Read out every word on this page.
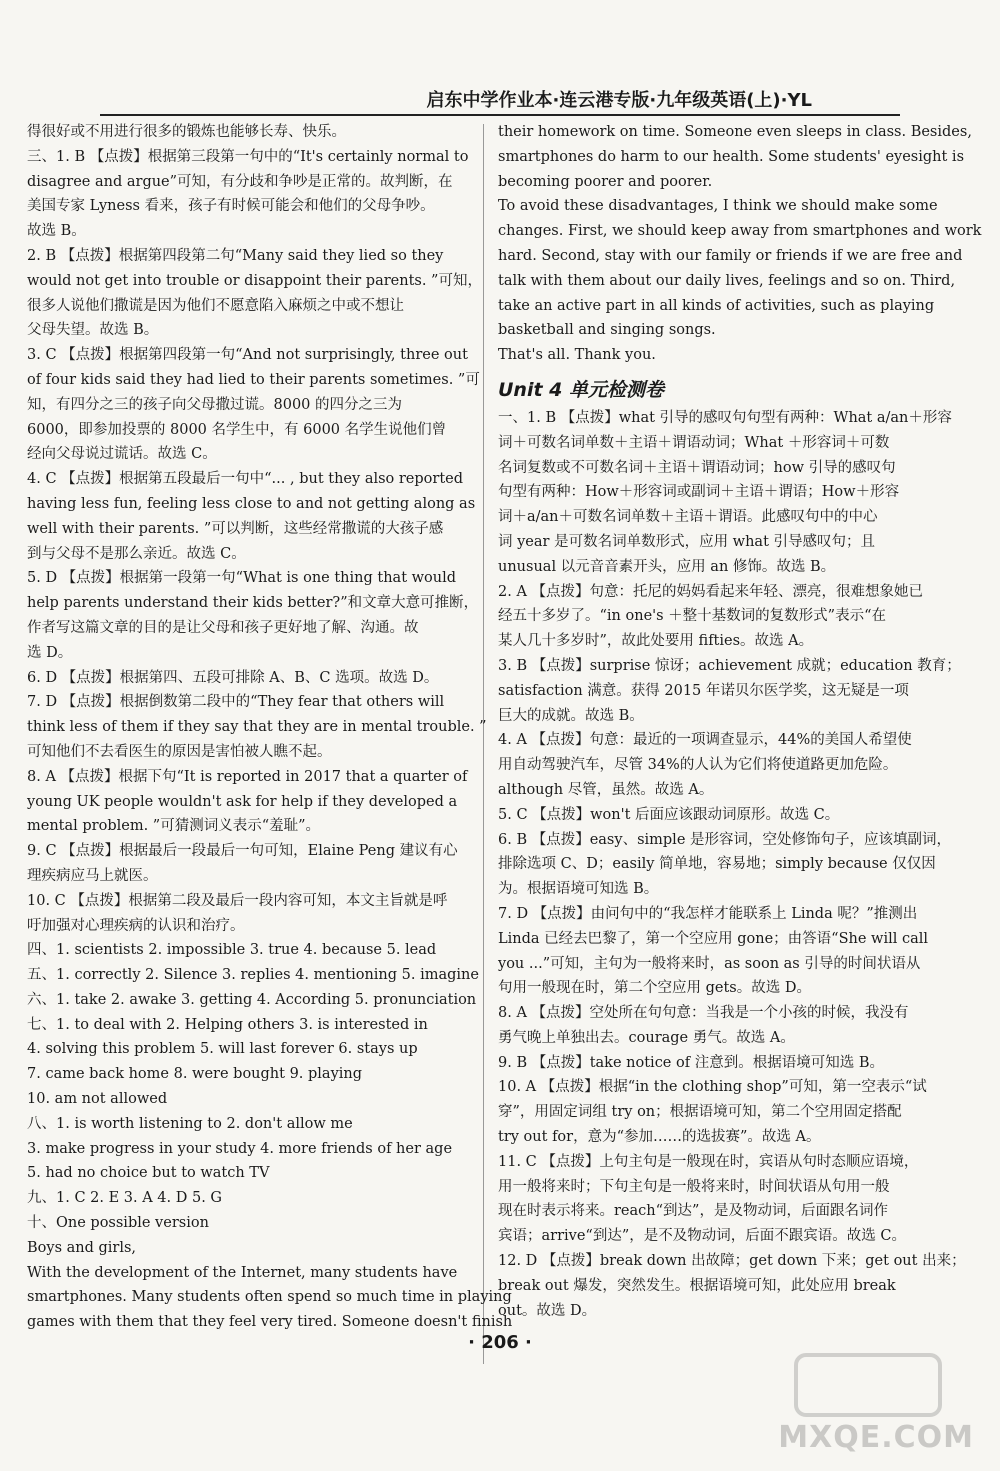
启东中学作业本·连云港专版·九年级英语(上)·YL
得很好或不用进行很多的锻炼也能够长寿、快乐。
三、1. B 【点拨】根据第三段第一句中的“It's certainly normal to
disagree and argue”可知，有分歧和争吵是正常的。故判断，在
美国专家 Lyness 看来，孩子有时候可能会和他们的父母争吵。
故选 B。
2. B 【点拨】根据第四段第二句“Many said they lied so they
would not get into trouble or disappoint their parents. ”可知，
很多人说他们撒谎是因为他们不愿意陷入麻烦之中或不想让
父母失望。故选 B。
3. C 【点拨】根据第四段第一句“And not surprisingly, three out
of four kids said they had lied to their parents sometimes. ”可
知，有四分之三的孩子向父母撒过谎。8000 的四分之三为
6000，即参加投票的 8000 名学生中，有 6000 名学生说他们曾
经向父母说过谎话。故选 C。
4. C 【点拨】根据第五段最后一句中“... , but they also reported
having less fun, feeling less close to and not getting along as
well with their parents. ”可以判断，这些经常撒谎的大孩子感
到与父母不是那么亲近。故选 C。
5. D 【点拨】根据第一段第一句“What is one thing that would
help parents understand their kids better?”和文章大意可推断，
作者写这篇文章的目的是让父母和孩子更好地了解、沟通。故
选 D。
6. D 【点拨】根据第四、五段可排除 A、B、C 选项。故选 D。
7. D 【点拨】根据倒数第二段中的“They fear that others will
think less of them if they say that they are in mental trouble. ”
可知他们不去看医生的原因是害怕被人瞧不起。
8. A 【点拨】根据下句“It is reported in 2017 that a quarter of
young UK people wouldn't ask for help if they developed a
mental problem. ”可猜测词义表示“羞耻”。
9. C 【点拨】根据最后一段最后一句可知，Elaine Peng 建议有心
理疾病应马上就医。
10. C 【点拨】根据第二段及最后一段内容可知，本文主旨就是呼
吁加强对心理疾病的认识和治疗。
四、1. scientists 2. impossible 3. true 4. because 5. lead
五、1. correctly 2. Silence 3. replies 4. mentioning 5. imagine
六、1. take 2. awake 3. getting 4. According 5. pronunciation
七、1. to deal with 2. Helping others 3. is interested in
4. solving this problem 5. will last forever 6. stays up
7. came back home 8. were bought 9. playing
10. am not allowed
八、1. is worth listening to 2. don't allow me
3. make progress in your study 4. more friends of her age
5. had no choice but to watch TV
九、1. C 2. E 3. A 4. D 5. G
十、One possible version
Boys and girls,
With the development of the Internet, many students have
smartphones. Many students often spend so much time in playing
games with them that they feel very tired. Someone doesn't finish
their homework on time. Someone even sleeps in class. Besides,
smartphones do harm to our health. Some students' eyesight is
becoming poorer and poorer.
To avoid these disadvantages, I think we should make some
changes. First, we should keep away from smartphones and work
hard. Second, stay with our family or friends if we are free and
talk with them about our daily lives, feelings and so on. Third,
take an active part in all kinds of activities, such as playing
basketball and singing songs.
That's all. Thank you.
Unit 4 单元检测卷
一、1. B 【点拨】what 引导的感叹句句型有两种：What a/an＋形容
词＋可数名词单数＋主语＋谓语动词；What ＋形容词＋可数
名词复数或不可数名词＋主语＋谓语动词；how 引导的感叹句
句型有两种：How＋形容词或副词＋主语＋谓语；How＋形容
词＋a/an＋可数名词单数＋主语＋谓语。此感叹句中的中心
词 year 是可数名词单数形式，应用 what 引导感叹句；且
unusual 以元音音素开头，应用 an 修饰。故选 B。
2. A 【点拨】句意：托尼的妈妈看起来年轻、漂亮，很难想象她已
经五十多岁了。“in one's ＋整十基数词的复数形式”表示“在
某人几十多岁时”，故此处要用 fifties。故选 A。
3. B 【点拨】surprise 惊讶；achievement 成就；education 教育；
satisfaction 满意。获得 2015 年诺贝尔医学奖，这无疑是一项
巨大的成就。故选 B。
4. A 【点拨】句意：最近的一项调查显示，44%的美国人希望使
用自动驾驶汽车，尽管 34%的人认为它们将使道路更加危险。
although 尽管，虽然。故选 A。
5. C 【点拨】won't 后面应该跟动词原形。故选 C。
6. B 【点拨】easy、simple 是形容词，空处修饰句子，应该填副词，
排除选项 C、D；easily 简单地，容易地；simply because 仅仅因
为。根据语境可知选 B。
7. D 【点拨】由问句中的“我怎样才能联系上 Linda 呢？”推测出
Linda 已经去巴黎了，第一个空应用 gone；由答语“She will call
you ...”可知，主句为一般将来时，as soon as 引导的时间状语从
句用一般现在时，第二个空应用 gets。故选 D。
8. A 【点拨】空处所在句句意：当我是一个小孩的时候，我没有
勇气晚上单独出去。courage 勇气。故选 A。
9. B 【点拨】take notice of 注意到。根据语境可知选 B。
10. A 【点拨】根据“in the clothing shop”可知，第一空表示“试
穿”，用固定词组 try on；根据语境可知，第二个空用固定搭配
try out for，意为“参加……的选拔赛”。故选 A。
11. C 【点拨】上句主句是一般现在时，宾语从句时态顺应语境，
用一般将来时；下句主句是一般将来时，时间状语从句用一般
现在时表示将来。reach“到达”，是及物动词，后面跟名词作
宾语；arrive“到达”，是不及物动词，后面不跟宾语。故选 C。
12. D 【点拨】break down 出故障；get down 下来；get out 出来；
break out 爆发，突然发生。根据语境可知，此处应用 break
out。故选 D。
· 206 ·
MXQE.COM
